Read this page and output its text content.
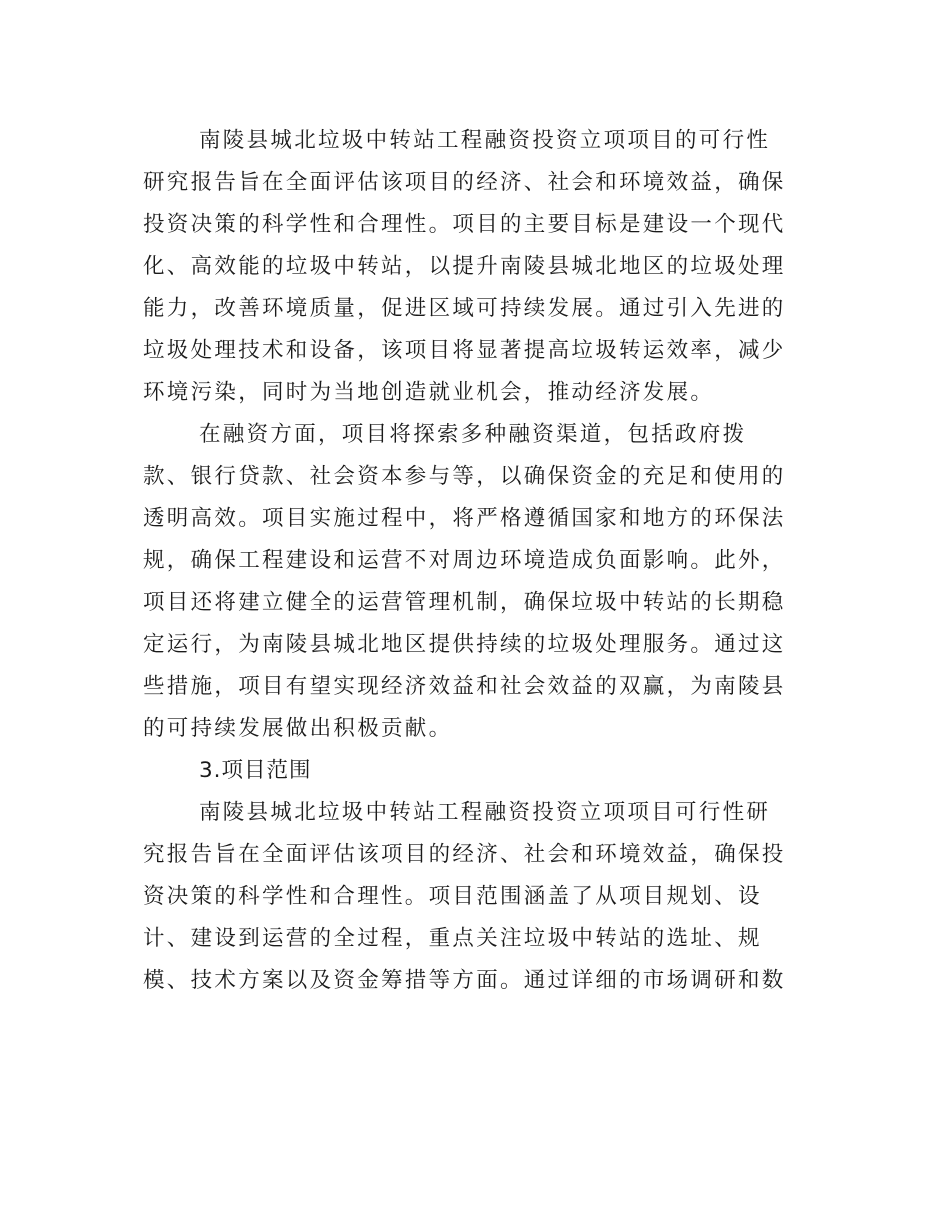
南陵县城北垃圾中转站工程融资投资立项项目的可行性
研究报告旨在全面评估该项目的经济、社会和环境效益，确保
投资决策的科学性和合理性。项目的主要目标是建设一个现代
化、高效能的垃圾中转站，以提升南陵县城北地区的垃圾处理
能力，改善环境质量，促进区域可持续发展。通过引入先进的
垃圾处理技术和设备，该项目将显著提高垃圾转运效率，减少
环境污染，同时为当地创造就业机会，推动经济发展。
在融资方面，项目将探索多种融资渠道，包括政府拨
款、银行贷款、社会资本参与等，以确保资金的充足和使用的
透明高效。项目实施过程中，将严格遵循国家和地方的环保法
规，确保工程建设和运营不对周边环境造成负面影响。此外，
项目还将建立健全的运营管理机制，确保垃圾中转站的长期稳
定运行，为南陵县城北地区提供持续的垃圾处理服务。通过这
些措施，项目有望实现经济效益和社会效益的双赢，为南陵县
的可持续发展做出积极贡献。
3.项目范围
南陵县城北垃圾中转站工程融资投资立项项目可行性研
究报告旨在全面评估该项目的经济、社会和环境效益，确保投
资决策的科学性和合理性。项目范围涵盖了从项目规划、设
计、建设到运营的全过程，重点关注垃圾中转站的选址、规
模、技术方案以及资金筹措等方面。通过详细的市场调研和数
